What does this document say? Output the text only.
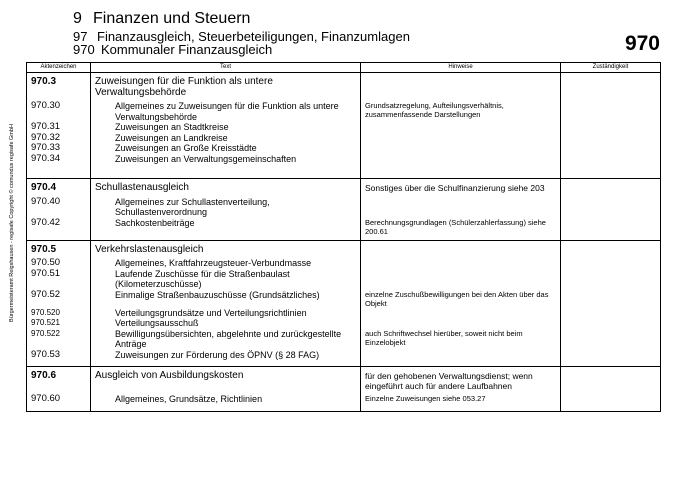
Bürgermeisteramt Reigshausen - regisafe Copyright © comundus regisafe GmbH
9 Finanzen und Steuern
97 Finanzausgleich, Steuerbeteiligungen, Finanzumlagen
970 Kommunaler Finanzausgleich	970
Aktenzeichen	Text	Hinweise	Zuständigkeit
970.3	Zuweisungen für die Funktion als untere Verwaltungsbehörde		

970.30	Allgemeines zu Zuweisungen für die Funktion als untere Verwaltungsbehörde	Grundsatzregelung, Aufteilungsverhältnis, zusammenfassende Darstellungen	
970.31	Zuweisungen an Stadtkreise		
970.32	Zuweisungen an Landkreise		
970.33	Zuweisungen an Große Kreisstädte		
970.34	Zuweisungen an Verwaltungsgemeinschaften		

970.4	Schullastenausgleich	Sonstiges über die Schulfinanzierung siehe 203	

970.40	Allgemeines zur Schullastenverteilung, Schullastenverordnung		
970.42	Sachkostenbeiträge	Berechnungsgrundlagen (Schülerzahlerfassung) siehe 200.61	

970.5	Verkehrslastenausgleich		

970.50	Allgemeines, Kraftfahrzeugsteuer-Verbundmasse		
970.51	Laufende Zuschüsse für die Straßenbaulast (Kilometerzuschüsse)		
970.52	Einmalige Straßenbauzuschüsse (Grundsätzliches)	einzelne Zuschußbewilligungen bei den Akten über das Objekt	
970.520	Verteilungsgrundsätze und Verteilungsrichtlinien		
970.521	Verteilungsausschuß		
970.522	Bewilligungsübersichten, abgelehnte und zurückgestellte Anträge	auch Schriftwechsel hierüber, soweit nicht beim Einzelobjekt	
970.53	Zuweisungen zur Förderung des ÖPNV (§ 28 FAG)		

970.6	Ausgleich von Ausbildungskosten	für den gehobenen Verwaltungsdienst; wenn eingeführt auch für andere Laufbahnen	

970.60	Allgemeines, Grundsätze, Richtlinien	Einzelne Zuweisungen siehe 053.27	
